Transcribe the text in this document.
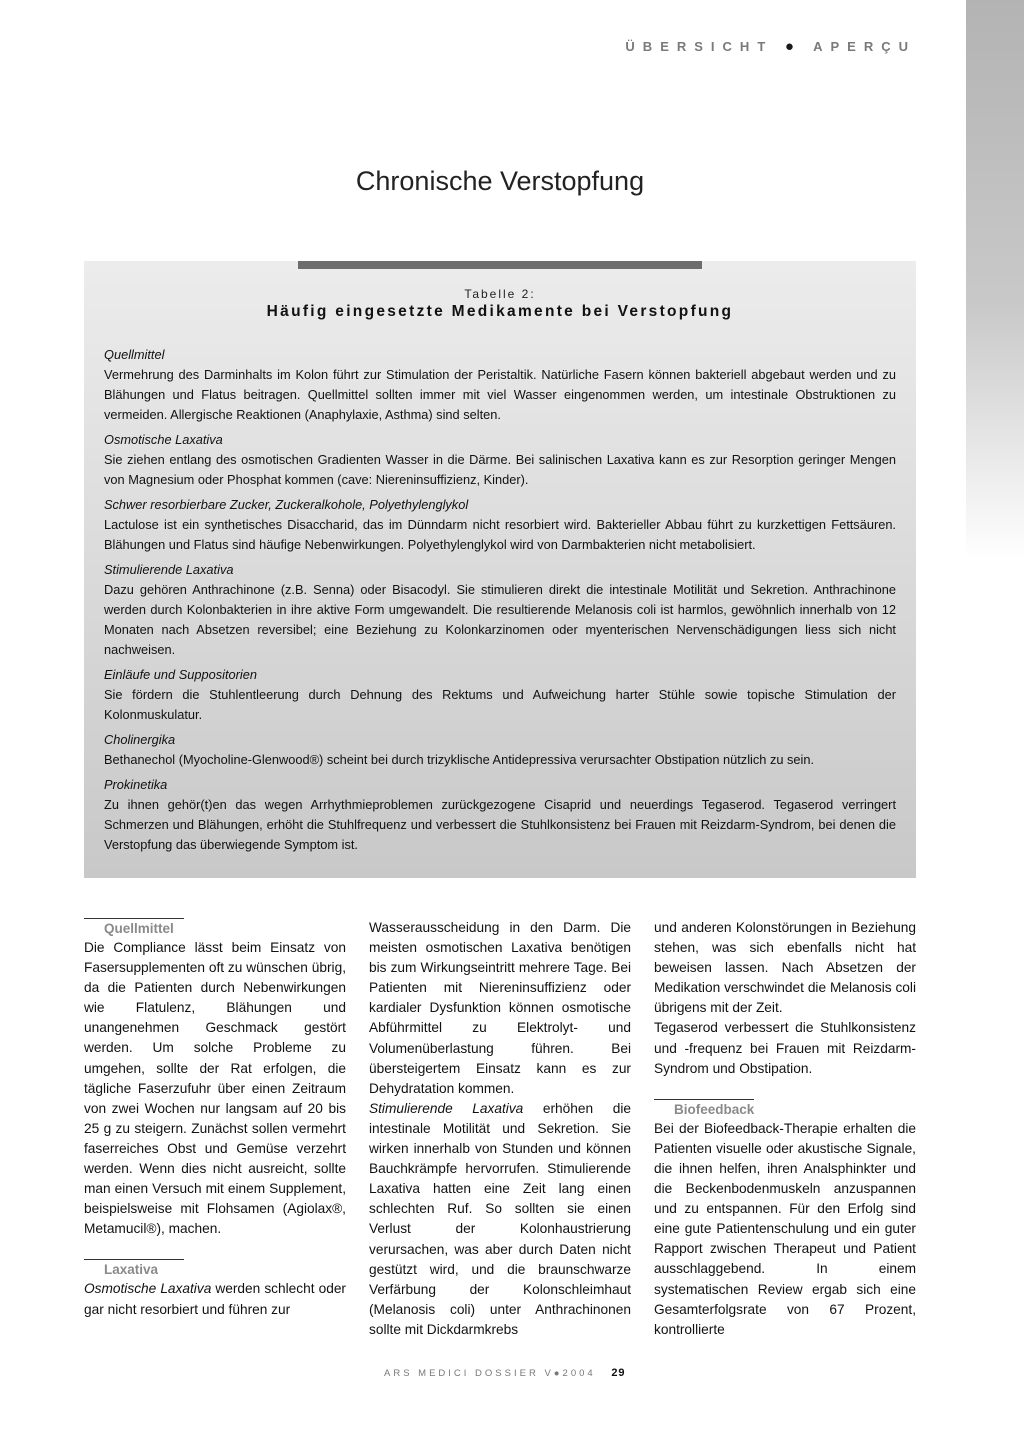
ÜBERSICHT ● APERÇU
Chronische Verstopfung
Tabelle 2:
Häufig eingesetzte Medikamente bei Verstopfung
Quellmittel
Vermehrung des Darminhalts im Kolon führt zur Stimulation der Peristaltik. Natürliche Fasern können bakteriell abgebaut werden und zu Blähungen und Flatus beitragen. Quellmittel sollten immer mit viel Wasser eingenommen werden, um intestinale Obstruktionen zu vermeiden. Allergische Reaktionen (Anaphylaxie, Asthma) sind selten.
Osmotische Laxativa
Sie ziehen entlang des osmotischen Gradienten Wasser in die Därme. Bei salinischen Laxativa kann es zur Resorption geringer Mengen von Magnesium oder Phosphat kommen (cave: Niereninsuffizienz, Kinder).
Schwer resorbierbare Zucker, Zuckeralkohole, Polyethylenglykol
Lactulose ist ein synthetisches Disaccharid, das im Dünndarm nicht resorbiert wird. Bakterieller Abbau führt zu kurzkettigen Fettsäuren. Blähungen und Flatus sind häufige Nebenwirkungen. Polyethylenglykol wird von Darmbakterien nicht metabolisiert.
Stimulierende Laxativa
Dazu gehören Anthrachinone (z.B. Senna) oder Bisacodyl. Sie stimulieren direkt die intestinale Motilität und Sekretion. Anthrachinone werden durch Kolonbakterien in ihre aktive Form umgewandelt. Die resultierende Melanosis coli ist harmlos, gewöhnlich innerhalb von 12 Monaten nach Absetzen reversibel; eine Beziehung zu Kolonkarzinomen oder myenterischen Nervenschädigungen liess sich nicht nachweisen.
Einläufe und Suppositorien
Sie fördern die Stuhlentleerung durch Dehnung des Rektums und Aufweichung harter Stühle sowie topische Stimulation der Kolonmuskulatur.
Cholinergika
Bethanechol (Myocholine-Glenwood®) scheint bei durch trizyklische Antidepressiva verursachter Obstipation nützlich zu sein.
Prokinetika
Zu ihnen gehör(t)en das wegen Arrhythmieproblemen zurückgezogene Cisaprid und neuerdings Tegaserod. Tegaserod verringert Schmerzen und Blähungen, erhöht die Stuhlfrequenz und verbessert die Stuhlkonsistenz bei Frauen mit Reizdarm-Syndrom, bei denen die Verstopfung das überwiegende Symptom ist.
Quellmittel

Die Compliance lässt beim Einsatz von Fasersupplementen oft zu wünschen übrig, da die Patienten durch Nebenwirkungen wie Flatulenz, Blähungen und unangenehmen Geschmack gestört werden. Um solche Probleme zu umgehen, sollte der Rat erfolgen, die tägliche Faserzufuhr über einen Zeitraum von zwei Wochen nur langsam auf 20 bis 25 g zu steigern. Zunächst sollen vermehrt faserreiches Obst und Gemüse verzehrt werden. Wenn dies nicht ausreicht, sollte man einen Versuch mit einem Supplement, beispielsweise mit Flohsamen (Agiolax®, Metamucil®), machen.

Laxativa

Osmotische Laxativa werden schlecht oder gar nicht resorbiert und führen zur

Wasserausscheidung in den Darm. Die meisten osmotischen Laxativa benötigen bis zum Wirkungseintritt mehrere Tage. Bei Patienten mit Niereninsuffizienz oder kardialer Dysfunktion können osmotische Abführmittel zu Elektrolyt- und Volumenüberlastung führen. Bei übersteigertem Einsatz kann es zur Dehydratation kommen.

Stimulierende Laxativa erhöhen die intestinale Motilität und Sekretion. Sie wirken innerhalb von Stunden und können Bauchkrämpfe hervorrufen. Stimulierende Laxativa hatten eine Zeit lang einen schlechten Ruf. So sollten sie einen Verlust der Kolonhaustrierung verursachen, was aber durch Daten nicht gestützt wird, und die braunschwarze Verfärbung der Kolonschleimhaut (Melanosis coli) unter Anthrachinonen sollte mit Dickdarmkrebs

und anderen Kolonstörungen in Beziehung stehen, was sich ebenfalls nicht hat beweisen lassen. Nach Absetzen der Medikation verschwindet die Melanosis coli übrigens mit der Zeit.

Tegaserod verbessert die Stuhlkonsistenz und -frequenz bei Frauen mit Reizdarm-Syndrom und Obstipation.

Biofeedback

Bei der Biofeedback-Therapie erhalten die Patienten visuelle oder akustische Signale, die ihnen helfen, ihren Analsphinkter und die Beckenbodenmuskeln anzuspannen und zu entspannen. Für den Erfolg sind eine gute Patientenschulung und ein guter Rapport zwischen Therapeut und Patient ausschlaggebend. In einem systematischen Review ergab sich eine Gesamterfolgsrate von 67 Prozent, kontrollierte

ARS MEDICI DOSSIER V●2004 29
